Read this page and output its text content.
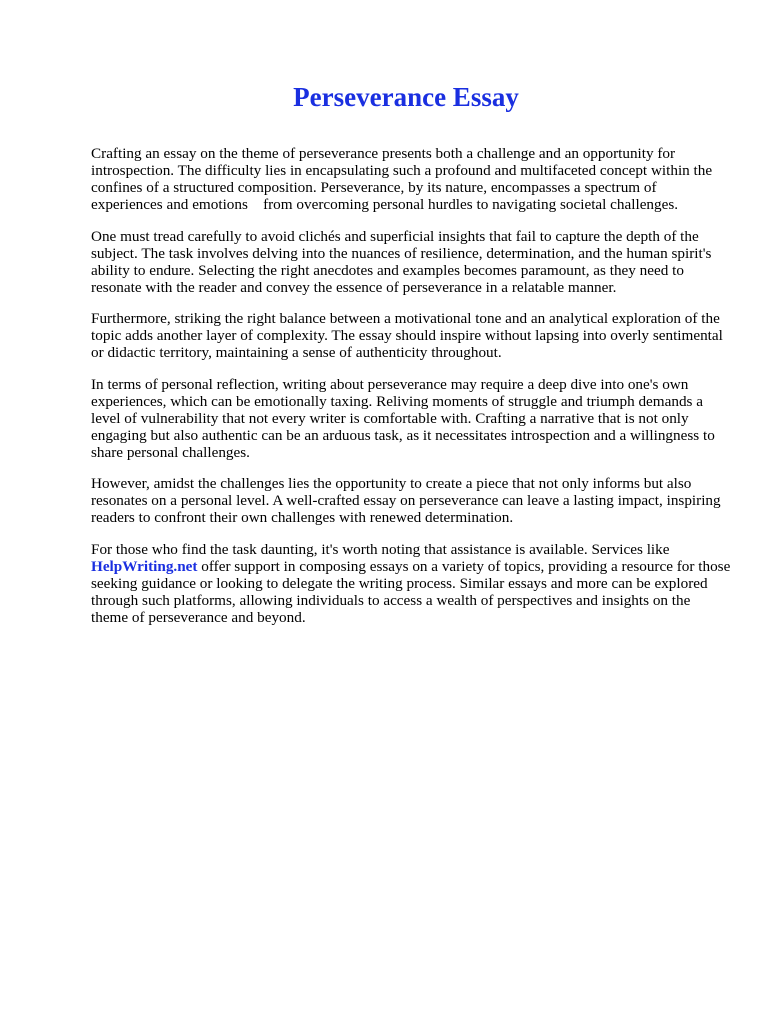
Perseverance Essay

Crafting an essay on the theme of perseverance presents both a challenge and an opportunity for introspection. The difficulty lies in encapsulating such a profound and multifaceted concept within the confines of a structured composition. Perseverance, by its nature, encompasses a spectrum of experiences and emotions    from overcoming personal hurdles to navigating societal challenges.

One must tread carefully to avoid clichés and superficial insights that fail to capture the depth of the subject. The task involves delving into the nuances of resilience, determination, and the human spirit's ability to endure. Selecting the right anecdotes and examples becomes paramount, as they need to resonate with the reader and convey the essence of perseverance in a relatable manner.

Furthermore, striking the right balance between a motivational tone and an analytical exploration of the topic adds another layer of complexity. The essay should inspire without lapsing into overly sentimental or didactic territory, maintaining a sense of authenticity throughout.

In terms of personal reflection, writing about perseverance may require a deep dive into one's own experiences, which can be emotionally taxing. Reliving moments of struggle and triumph demands a level of vulnerability that not every writer is comfortable with. Crafting a narrative that is not only engaging but also authentic can be an arduous task, as it necessitates introspection and a willingness to share personal challenges.

However, amidst the challenges lies the opportunity to create a piece that not only informs but also resonates on a personal level. A well-crafted essay on perseverance can leave a lasting impact, inspiring readers to confront their own challenges with renewed determination.

For those who find the task daunting, it's worth noting that assistance is available. Services like
HelpWriting.net offer support in composing essays on a variety of topics, providing a resource for those seeking guidance or looking to delegate the writing process. Similar essays and more can be explored through such platforms, allowing individuals to access a wealth of perspectives and insights on the theme of perseverance and beyond.
